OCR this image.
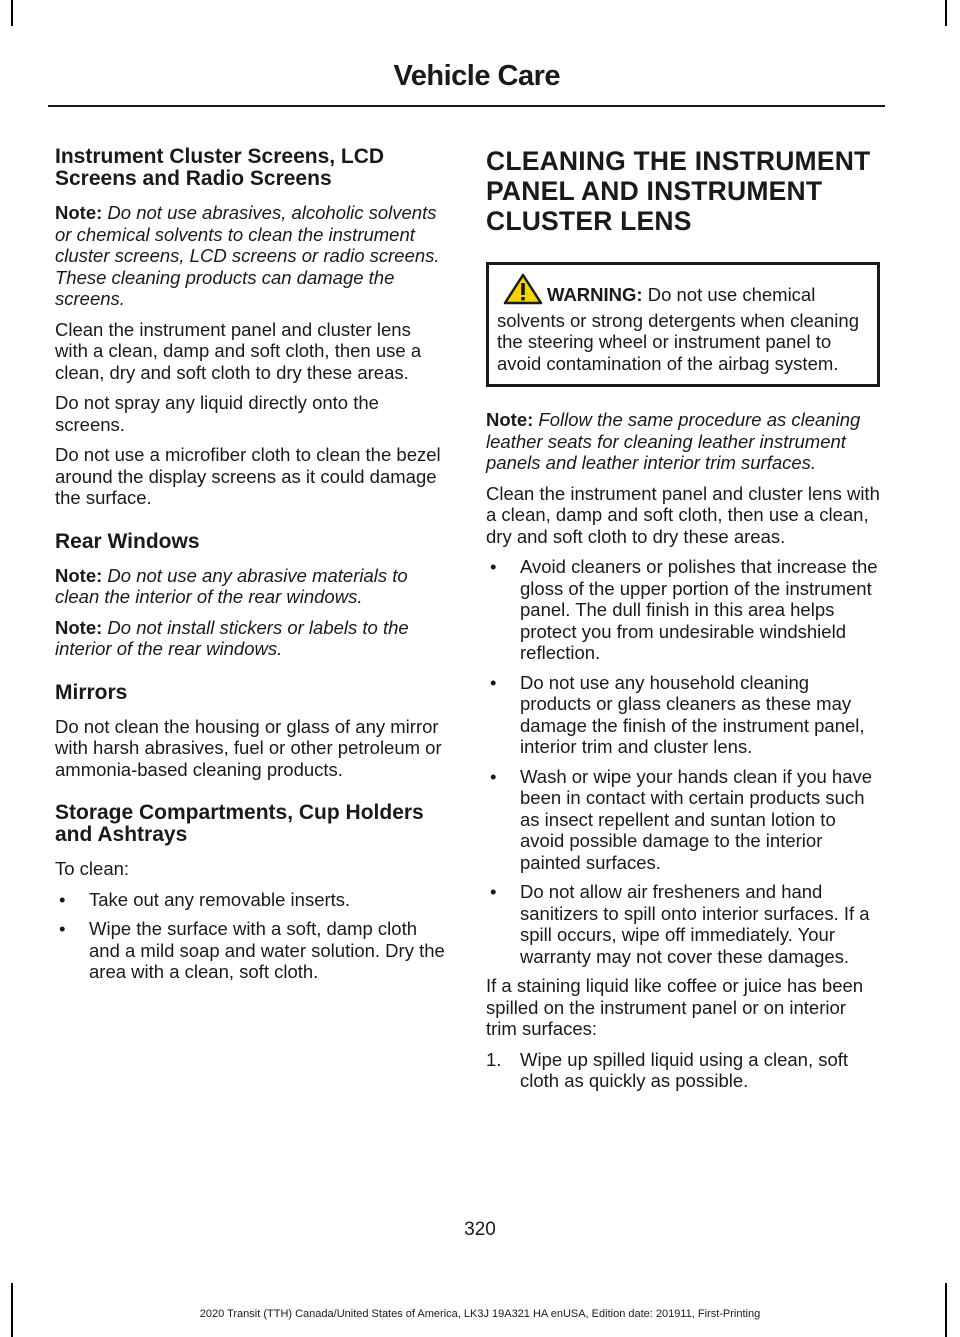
Vehicle Care
Instrument Cluster Screens, LCD Screens and Radio Screens

Note: Do not use abrasives, alcoholic solvents or chemical solvents to clean the instrument cluster screens, LCD screens or radio screens. These cleaning products can damage the screens.

Clean the instrument panel and cluster lens with a clean, damp and soft cloth, then use a clean, dry and soft cloth to dry these areas.

Do not spray any liquid directly onto the screens.

Do not use a microfiber cloth to clean the bezel around the display screens as it could damage the surface.

Rear Windows

Note: Do not use any abrasive materials to clean the interior of the rear windows.

Note: Do not install stickers or labels to the interior of the rear windows.

Mirrors

Do not clean the housing or glass of any mirror with harsh abrasives, fuel or other petroleum or ammonia-based cleaning products.

Storage Compartments, Cup Holders and Ashtrays

To clean:

• Take out any removable inserts.
• Wipe the surface with a soft, damp cloth and a mild soap and water solution. Dry the area with a clean, soft cloth.
CLEANING THE INSTRUMENT PANEL AND INSTRUMENT CLUSTER LENS
WARNING: Do not use chemical solvents or strong detergents when cleaning the steering wheel or instrument panel to avoid contamination of the airbag system.

Note: Follow the same procedure as cleaning leather seats for cleaning leather instrument panels and leather interior trim surfaces.

Clean the instrument panel and cluster lens with a clean, damp and soft cloth, then use a clean, dry and soft cloth to dry these areas.

• Avoid cleaners or polishes that increase the gloss of the upper portion of the instrument panel. The dull finish in this area helps protect you from undesirable windshield reflection.
• Do not use any household cleaning products or glass cleaners as these may damage the finish of the instrument panel, interior trim and cluster lens.
• Wash or wipe your hands clean if you have been in contact with certain products such as insect repellent and suntan lotion to avoid possible damage to the interior painted surfaces.
• Do not allow air fresheners and hand sanitizers to spill onto interior surfaces. If a spill occurs, wipe off immediately. Your warranty may not cover these damages.

If a staining liquid like coffee or juice has been spilled on the instrument panel or on interior trim surfaces:

1. Wipe up spilled liquid using a clean, soft cloth as quickly as possible.
320
2020 Transit (TTH) Canada/United States of America, LK3J 19A321 HA enUSA, Edition date: 201911, First-Printing
